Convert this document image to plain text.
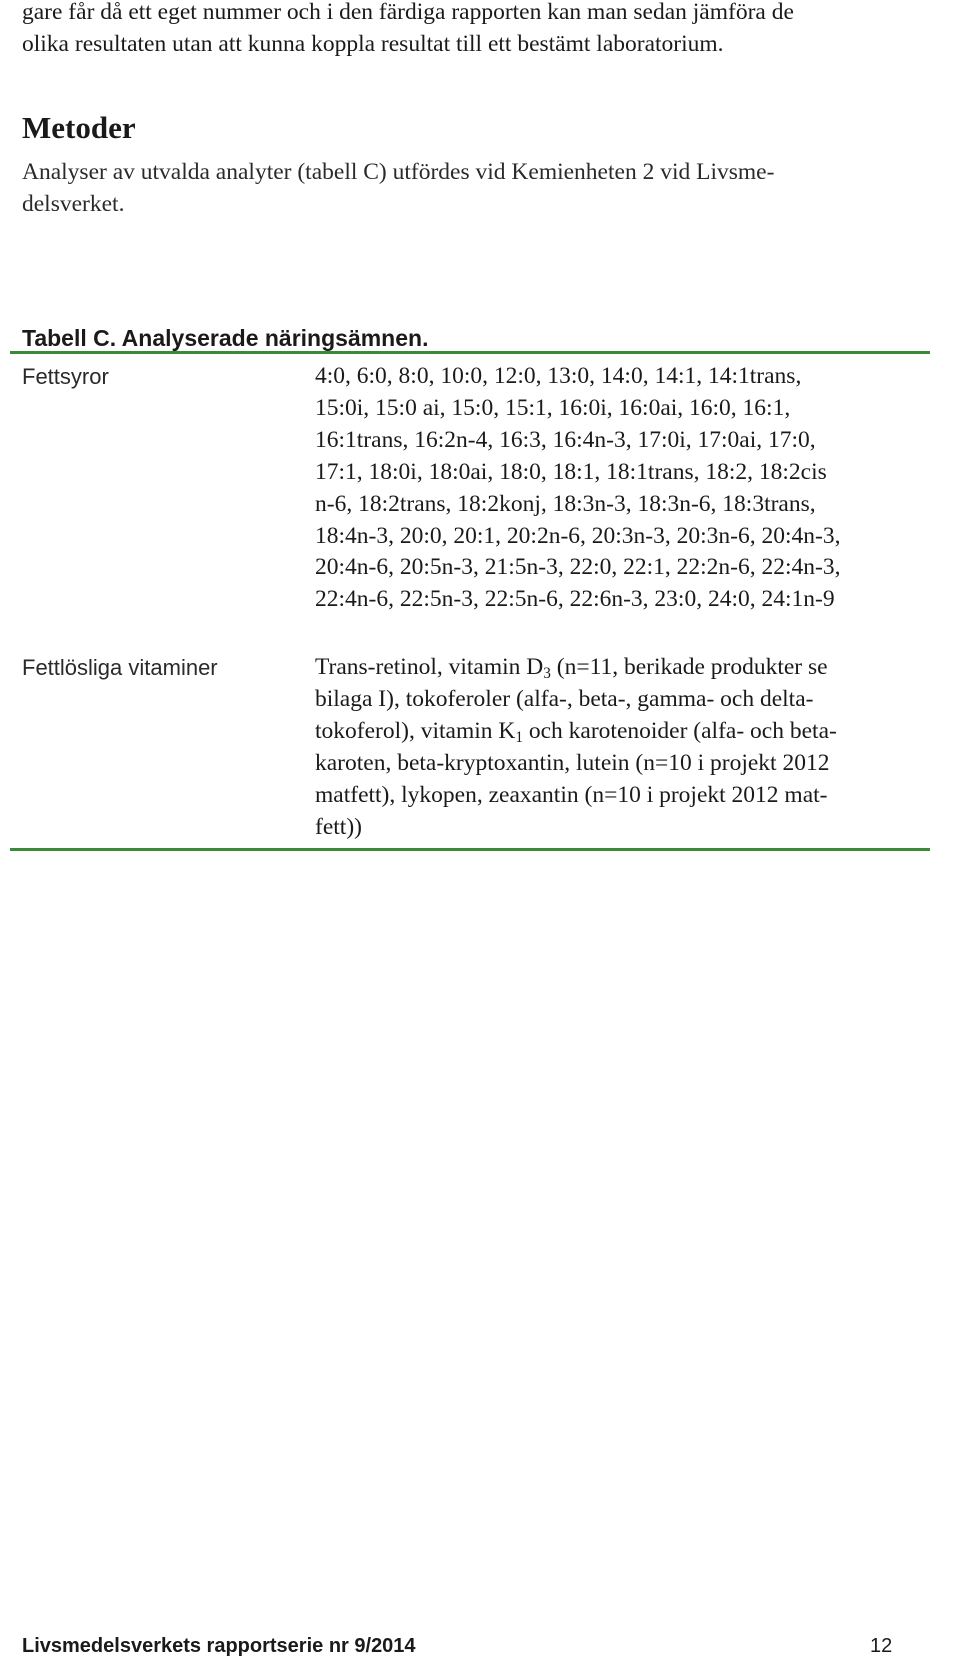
gare får då ett eget nummer och i den färdiga rapporten kan man sedan jämföra de
olika resultaten utan att kunna koppla resultat till ett bestämt laboratorium.
Metoder
Analyser av utvalda analyter (tabell C) utfördes vid Kemienheten 2 vid Livsme-
delsverket.
Tabell C. Analyserade näringsämnen.
Fettsyror	4:0, 6:0, 8:0, 10:0, 12:0, 13:0, 14:0, 14:1, 14:1trans,
15:0i, 15:0 ai, 15:0, 15:1, 16:0i, 16:0ai, 16:0, 16:1,
16:1trans, 16:2n-4, 16:3, 16:4n-3, 17:0i, 17:0ai, 17:0,
17:1, 18:0i, 18:0ai, 18:0, 18:1, 18:1trans, 18:2, 18:2cis
n-6, 18:2trans, 18:2konj, 18:3n-3, 18:3n-6, 18:3trans,
18:4n-3, 20:0, 20:1, 20:2n-6, 20:3n-3, 20:3n-6, 20:4n-3,
20:4n-6, 20:5n-3, 21:5n-3, 22:0, 22:1, 22:2n-6, 22:4n-3,
22:4n-6, 22:5n-3, 22:5n-6, 22:6n-3, 23:0, 24:0, 24:1n-9
Fettlösliga vitaminer	Trans-retinol, vitamin $D_3$ (n=11, berikade produkter se
bilaga I), tokoferoler (alfa-, beta-, gamma- och delta-
tokoferol), vitamin $K_1$ och karotenoider (alfa- och beta-
karoten, beta-kryptoxantin, lutein (n=10 i projekt 2012
matfett), lykopen, zeaxantin (n=10 i projekt 2012 mat-
fett))
Livsmedelsverkets rapportserie nr 9/2014	12
